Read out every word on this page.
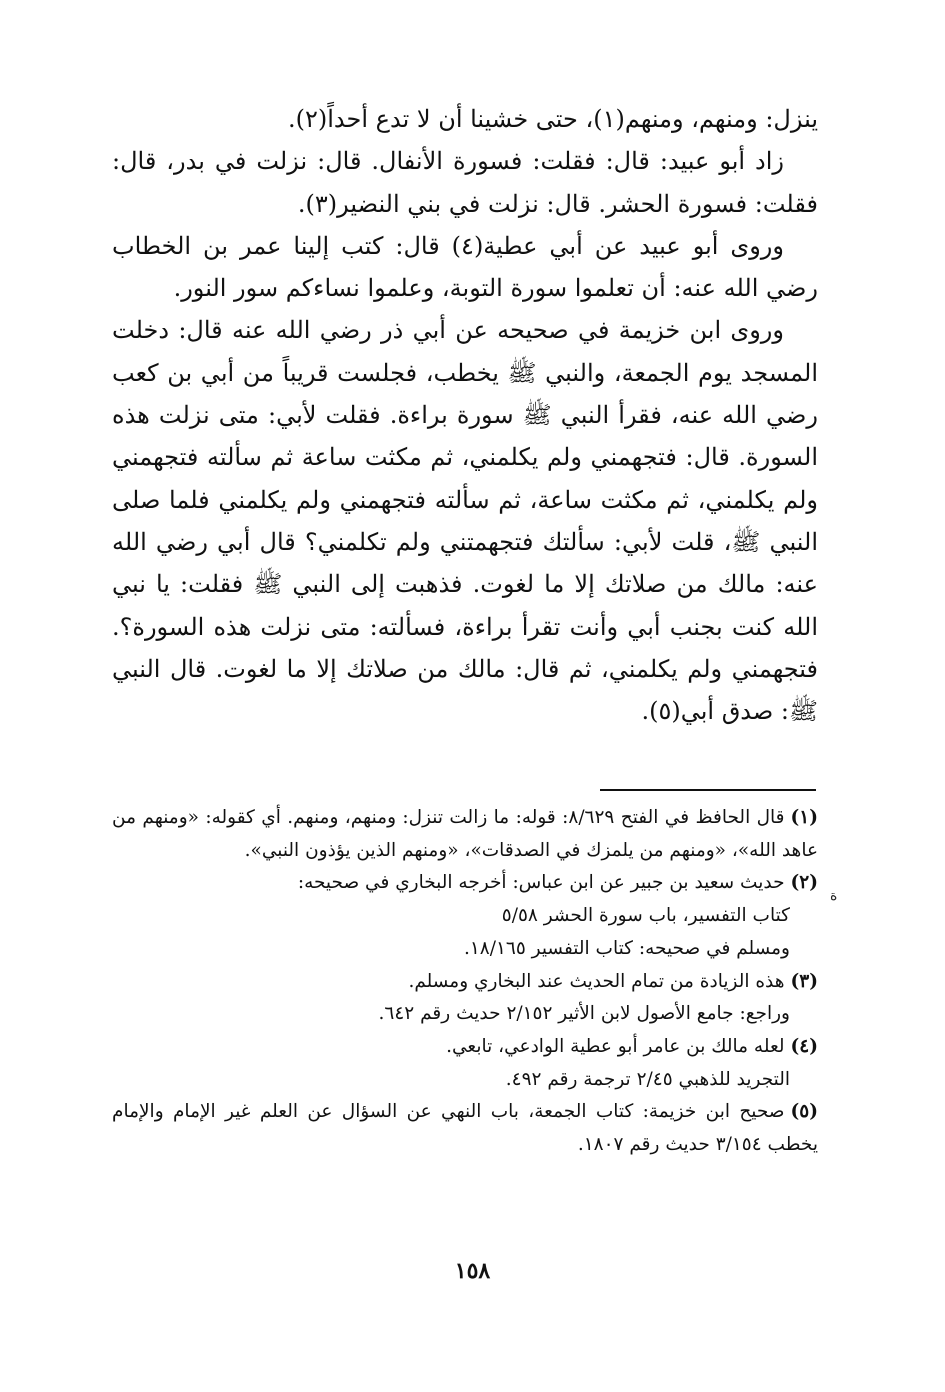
ينزل: ومنهم، ومنهم(١)، حتى خشينا أن لا تدع أحداً(٢).

زاد أبو عبيد: قال: فقلت: فسورة الأنفال. قال: نزلت في بدر، قال: فقلت: فسورة الحشر. قال: نزلت في بني النضير(٣).

وروى أبو عبيد عن أبي عطية(٤) قال: كتب إلينا عمر بن الخطاب رضي الله عنه: أن تعلموا سورة التوبة، وعلموا نساءكم سور النور.

وروى ابن خزيمة في صحيحه عن أبي ذر رضي الله عنه قال: دخلت المسجد يوم الجمعة، والنبي ﷺ يخطب، فجلست قريباً من أبي بن كعب رضي الله عنه، فقرأ النبي ﷺ سورة براءة. فقلت لأبي: متى نزلت هذه السورة. قال: فتجهمني ولم يكلمني، ثم مكثت ساعة ثم سألته فتجهمني ولم يكلمني، ثم مكثت ساعة، ثم سألته فتجهمني ولم يكلمني فلما صلى النبي ﷺ، قلت لأبي: سألتك فتجهمتني ولم تكلمني؟ قال أبي رضي الله عنه: مالك من صلاتك إلا ما لغوت. فذهبت إلى النبي ﷺ فقلت: يا نبي الله كنت بجنب أبي وأنت تقرأ براءة، فسألته: متى نزلت هذه السورة؟. فتجهمني ولم يكلمني، ثم قال: مالك من صلاتك إلا ما لغوت. قال النبي ﷺ: صدق أبي(٥).

(١)قال الحافظ في الفتح ٨/٦٢٩: قوله: ما زالت تنزل: ومنهم، ومنهم. أي كقوله: «ومنهم من عاهد الله»، «ومنهم من يلمزك في الصدقات»، «ومنهم الذين يؤذون النبي».
(٢)حديث سعيد بن جبير عن ابن عباس: أخرجه البخاري في صحيحه:
كتاب التفسير، باب سورة الحشر ٥/٥٨
ومسلم في صحيحه: كتاب التفسير ١٨/١٦٥.
(٣)هذه الزيادة من تمام الحديث عند البخاري ومسلم.
وراجع: جامع الأصول لابن الأثير ٢/١٥٢ حديث رقم ٦٤٢.
(٤)لعله مالك بن عامر أبو عطية الوادعي، تابعي.
التجريد للذهبي ٢/٤٥ ترجمة رقم ٤٩٢.
(٥)صحيح ابن خزيمة: كتاب الجمعة، باب النهي عن السؤال عن العلم غير الإمام والإمام يخطب ٣/١٥٤ حديث رقم ١٨٠٧.
ة
١٥٨
